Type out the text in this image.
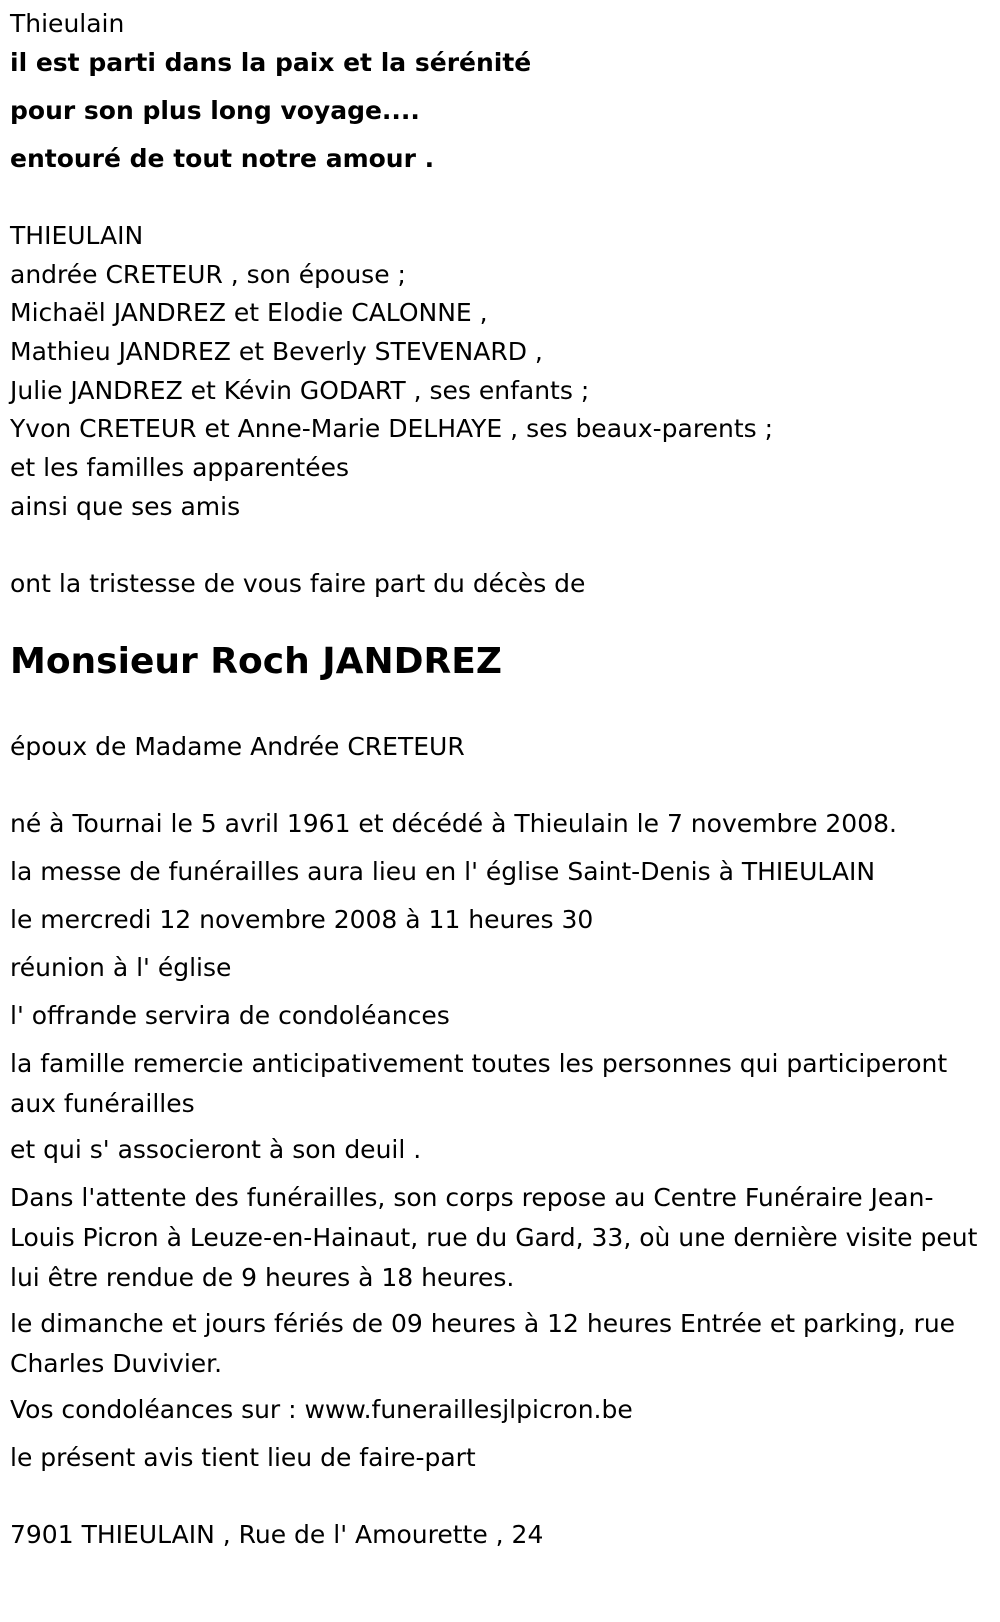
Thieulain
il est parti dans la paix et la sérénité
pour son plus long voyage....
entouré de tout notre amour .
THIEULAIN
andrée CRETEUR , son épouse ;
Michaël JANDREZ et Elodie CALONNE ,
Mathieu JANDREZ et Beverly STEVENARD ,
Julie JANDREZ et Kévin GODART , ses enfants ;
Yvon CRETEUR et Anne-Marie DELHAYE , ses beaux-parents ;
et les familles apparentées
ainsi que ses amis
ont la tristesse de vous faire part du décès de
Monsieur Roch JANDREZ
époux de Madame Andrée CRETEUR
né à Tournai le 5 avril 1961 et décédé à Thieulain le 7 novembre 2008.
la messe de funérailles aura lieu en l' église Saint-Denis à THIEULAIN
le mercredi 12 novembre 2008 à 11 heures 30
réunion à l' église
l' offrande servira de condoléances
la famille remercie anticipativement toutes les personnes qui participeront aux funérailles
et qui s' associeront à son deuil .
Dans l'attente des funérailles, son corps repose au Centre Funéraire Jean-Louis Picron à Leuze-en-Hainaut, rue du Gard, 33, où une dernière visite peut lui être rendue de 9 heures à 18 heures.
le dimanche et jours fériés de 09 heures à 12 heures Entrée et parking, rue Charles Duvivier.
Vos condoléances sur : www.funeraillesjlpicron.be
le présent avis tient lieu de faire-part
7901 THIEULAIN , Rue de l' Amourette , 24
